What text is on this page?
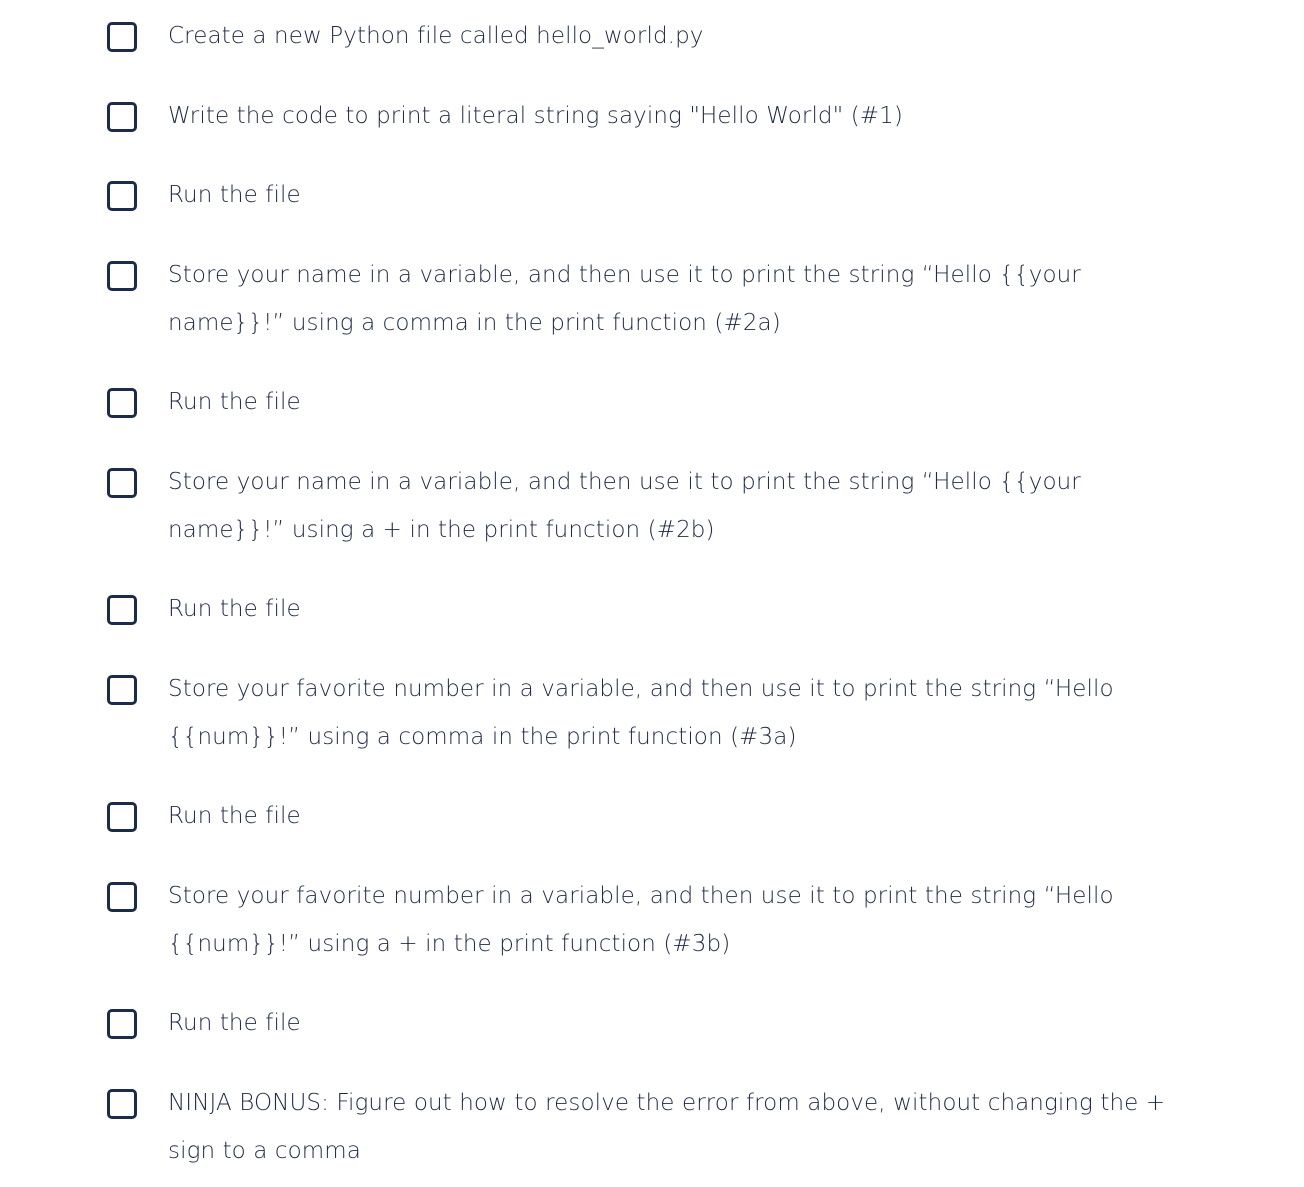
Create a new Python file called hello_world.py
Write the code to print a literal string saying "Hello World" (#1)
Run the file
Store your name in a variable, and then use it to print the string “Hello {{your name}}!” using a comma in the print function (#2a)
Run the file
Store your name in a variable, and then use it to print the string “Hello {{your name}}!” using a + in the print function (#2b)
Run the file
Store your favorite number in a variable, and then use it to print the string “Hello {{num}}!” using a comma in the print function (#3a)
Run the file
Store your favorite number in a variable, and then use it to print the string “Hello {{num}}!” using a + in the print function (#3b)
Run the file
NINJA BONUS: Figure out how to resolve the error from above, without changing the + sign to a comma
